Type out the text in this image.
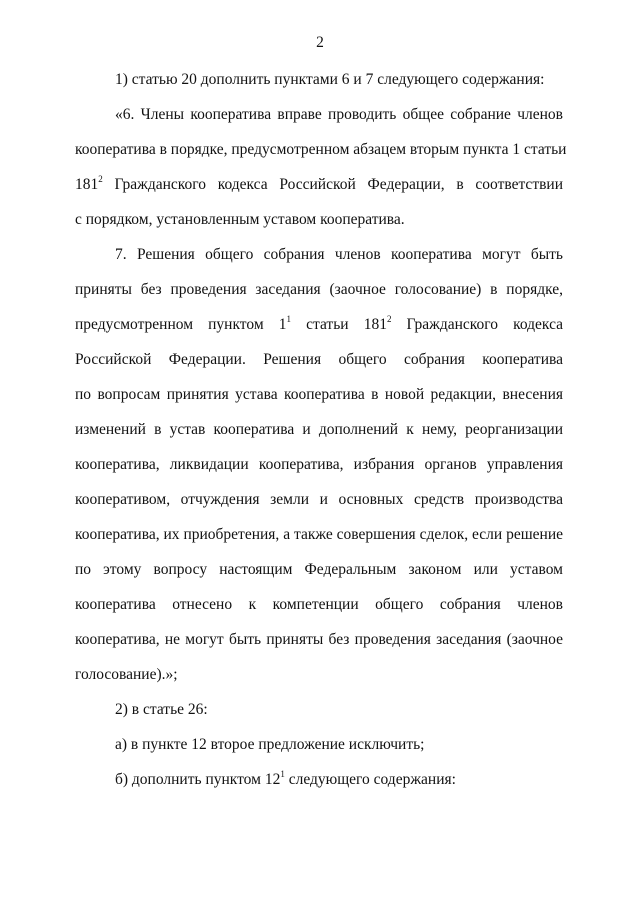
2
1) статью 20 дополнить пунктами 6 и 7 следующего содержания:
«6. Члены кооператива вправе проводить общее собрание членов
кооператива в порядке, предусмотренном абзацем вторым пункта 1 статьи
$181^2$ Гражданского кодекса Российской Федерации, в соответствии
с порядком, установленным уставом кооператива.
7. Решения общего собрания членов кооператива могут быть
приняты без проведения заседания (заочное голосование) в порядке,
предусмотренном пунктом $1^1$ статьи $181^2$ Гражданского кодекса
Российской Федерации. Решения общего собрания кооператива
по вопросам принятия устава кооператива в новой редакции, внесения
изменений в устав кооператива и дополнений к нему, реорганизации
кооператива, ликвидации кооператива, избрания органов управления
кооперативом, отчуждения земли и основных средств производства
кооператива, их приобретения, а также совершения сделок, если решение
по этому вопросу настоящим Федеральным законом или уставом
кооператива отнесено к компетенции общего собрания членов
кооператива, не могут быть приняты без проведения заседания (заочное
голосование).»;
2) в статье 26:
а) в пункте 12 второе предложение исключить;
б) дополнить пунктом $12^1$ следующего содержания:
